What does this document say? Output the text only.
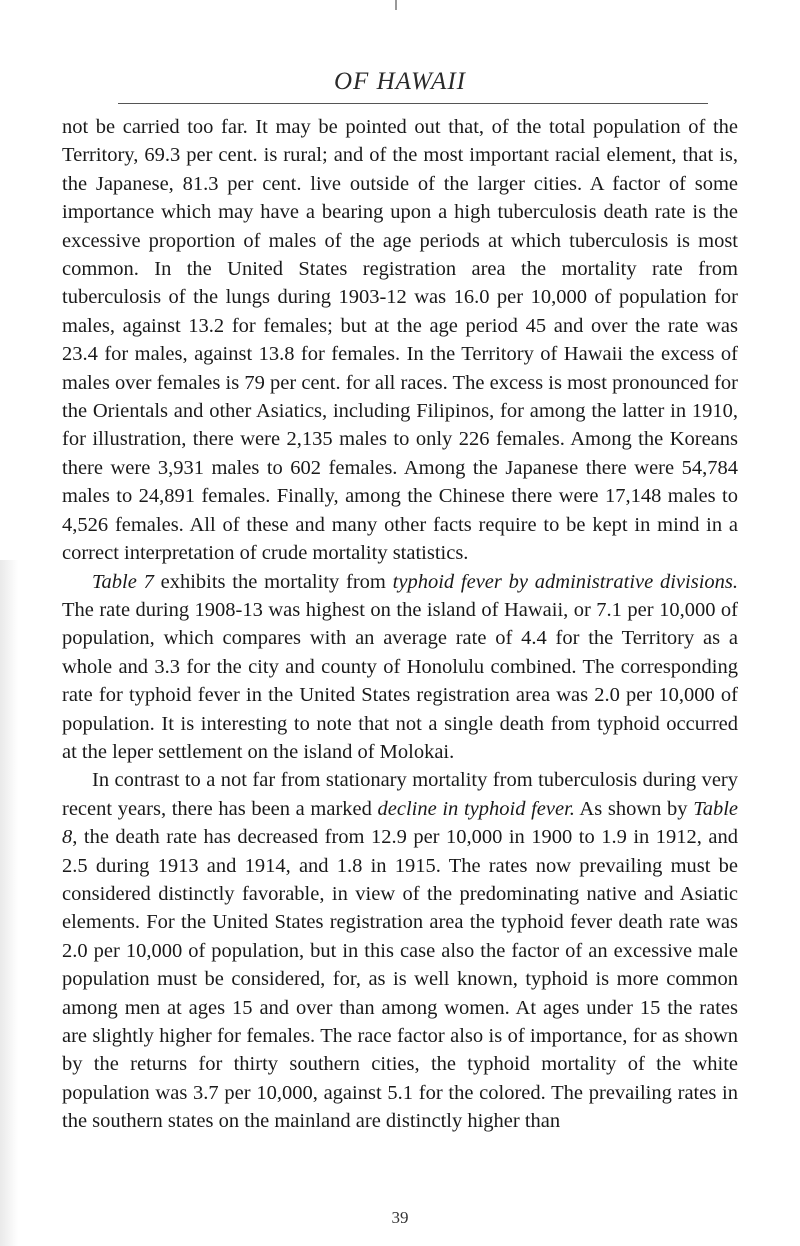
OF HAWAII

not be carried too far. It may be pointed out that, of the total population of the Territory, 69.3 per cent. is rural; and of the most important racial element, that is, the Japanese, 81.3 per cent. live outside of the larger cities. A factor of some importance which may have a bearing upon a high tuberculosis death rate is the excessive proportion of males of the age periods at which tuberculosis is most common. In the United States registration area the mortality rate from tuberculosis of the lungs during 1903-12 was 16.0 per 10,000 of population for males, against 13.2 for females; but at the age period 45 and over the rate was 23.4 for males, against 13.8 for females. In the Territory of Hawaii the excess of males over females is 79 per cent. for all races. The excess is most pronounced for the Orientals and other Asiatics, including Filipinos, for among the latter in 1910, for illustration, there were 2,135 males to only 226 females. Among the Koreans there were 3,931 males to 602 females. Among the Japanese there were 54,784 males to 24,891 females. Finally, among the Chinese there were 17,148 males to 4,526 females. All of these and many other facts require to be kept in mind in a correct interpretation of crude mortality statistics.

Table 7 exhibits the mortality from typhoid fever by administrative divisions. The rate during 1908-13 was highest on the island of Hawaii, or 7.1 per 10,000 of population, which compares with an average rate of 4.4 for the Territory as a whole and 3.3 for the city and county of Honolulu combined. The corresponding rate for typhoid fever in the United States registration area was 2.0 per 10,000 of population. It is interesting to note that not a single death from typhoid occurred at the leper settlement on the island of Molokai.

In contrast to a not far from stationary mortality from tuberculosis during very recent years, there has been a marked decline in typhoid fever. As shown by Table 8, the death rate has decreased from 12.9 per 10,000 in 1900 to 1.9 in 1912, and 2.5 during 1913 and 1914, and 1.8 in 1915. The rates now prevailing must be considered distinctly favorable, in view of the predominating native and Asiatic elements. For the United States registration area the typhoid fever death rate was 2.0 per 10,000 of population, but in this case also the factor of an excessive male population must be considered, for, as is well known, typhoid is more common among men at ages 15 and over than among women. At ages under 15 the rates are slightly higher for females. The race factor also is of importance, for as shown by the returns for thirty southern cities, the typhoid mortality of the white population was 3.7 per 10,000, against 5.1 for the colored. The prevailing rates in the southern states on the mainland are distinctly higher than

39
